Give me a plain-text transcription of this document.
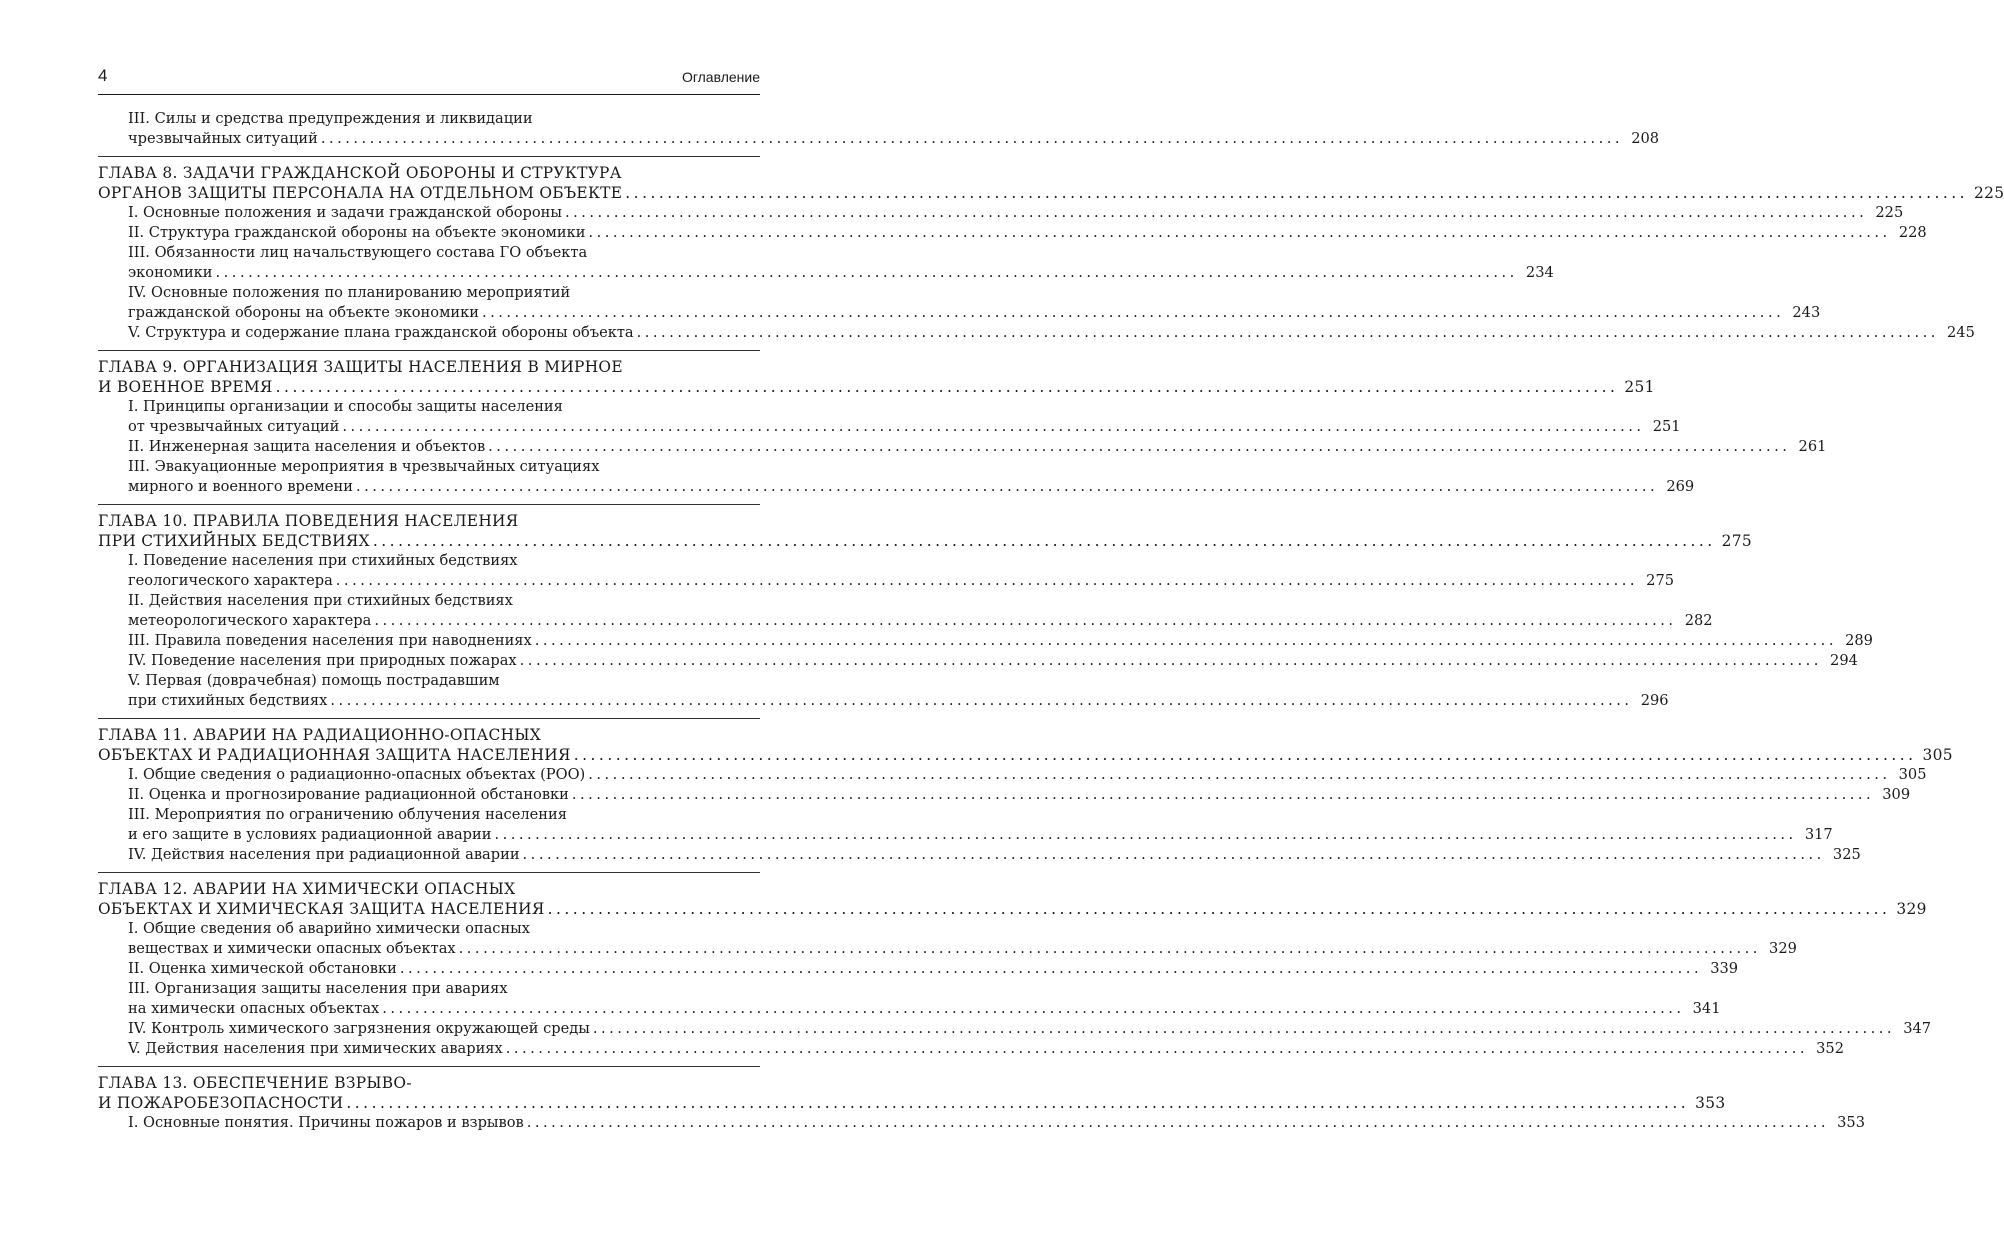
4	Оглавление
III. Силы и средства предупреждения и ликвидации
чрезвычайных ситуаций ................................................................................................................................................................ 208
ГЛАВА 8. ЗАДАЧИ ГРАЖДАНСКОЙ ОБОРОНЫ И СТРУКТУРА
ОРГАНОВ ЗАЩИТЫ ПЕРСОНАЛА НА ОТДЕЛЬНОМ ОБЪЕКТЕ ................................................................................................................................................................ 225
I. Основные положения и задачи гражданской обороны ................................................................................................................................................................ 225
II. Структура гражданской обороны на объекте экономики ................................................................................................................................................................ 228
III. Обязанности лиц начальствующего состава ГО объекта
экономики ................................................................................................................................................................ 234
IV. Основные положения по планированию мероприятий
гражданской обороны на объекте экономики ................................................................................................................................................................ 243
V. Структура и содержание плана гражданской обороны объекта ................................................................................................................................................................ 245
ГЛАВА 9. ОРГАНИЗАЦИЯ ЗАЩИТЫ НАСЕЛЕНИЯ В МИРНОЕ
И ВОЕННОЕ ВРЕМЯ ................................................................................................................................................................ 251
I. Принципы организации и способы защиты населения
от чрезвычайных ситуаций ................................................................................................................................................................ 251
II. Инженерная защита населения и объектов ................................................................................................................................................................ 261
III. Эвакуационные мероприятия в чрезвычайных ситуациях
мирного и военного времени ................................................................................................................................................................ 269
ГЛАВА 10. ПРАВИЛА ПОВЕДЕНИЯ НАСЕЛЕНИЯ
ПРИ СТИХИЙНЫХ БЕДСТВИЯХ ................................................................................................................................................................ 275
I. Поведение населения при стихийных бедствиях
геологического характера ................................................................................................................................................................ 275
II. Действия населения при стихийных бедствиях
метеорологического характера ................................................................................................................................................................ 282
III. Правила поведения населения при наводнениях ................................................................................................................................................................ 289
IV. Поведение населения при природных пожарах ................................................................................................................................................................ 294
V. Первая (доврачебная) помощь пострадавшим
при стихийных бедствиях ................................................................................................................................................................ 296
ГЛАВА 11. АВАРИИ НА РАДИАЦИОННО-ОПАСНЫХ
ОБЪЕКТАХ И РАДИАЦИОННАЯ ЗАЩИТА НАСЕЛЕНИЯ ................................................................................................................................................................ 305
I. Общие сведения о радиационно-опасных объектах (РОО) ................................................................................................................................................................ 305
II. Оценка и прогнозирование радиационной обстановки ................................................................................................................................................................ 309
III. Мероприятия по ограничению облучения населения
и его защите в условиях радиационной аварии ................................................................................................................................................................ 317
IV. Действия населения при радиационной аварии ................................................................................................................................................................ 325
ГЛАВА 12. АВАРИИ НА ХИМИЧЕСКИ ОПАСНЫХ
ОБЪЕКТАХ И ХИМИЧЕСКАЯ ЗАЩИТА НАСЕЛЕНИЯ ................................................................................................................................................................ 329
I. Общие сведения об аварийно химически опасных
веществах и химически опасных объектах ................................................................................................................................................................ 329
II. Оценка химической обстановки ................................................................................................................................................................ 339
III. Организация защиты населения при авариях
на химически опасных объектах ................................................................................................................................................................ 341
IV. Контроль химического загрязнения окружающей среды ................................................................................................................................................................ 347
V. Действия населения при химических авариях ................................................................................................................................................................ 352
ГЛАВА 13. ОБЕСПЕЧЕНИЕ ВЗРЫВО-
И ПОЖАРОБЕЗОПАСНОСТИ ................................................................................................................................................................ 353
I. Основные понятия. Причины пожаров и взрывов ................................................................................................................................................................ 353
